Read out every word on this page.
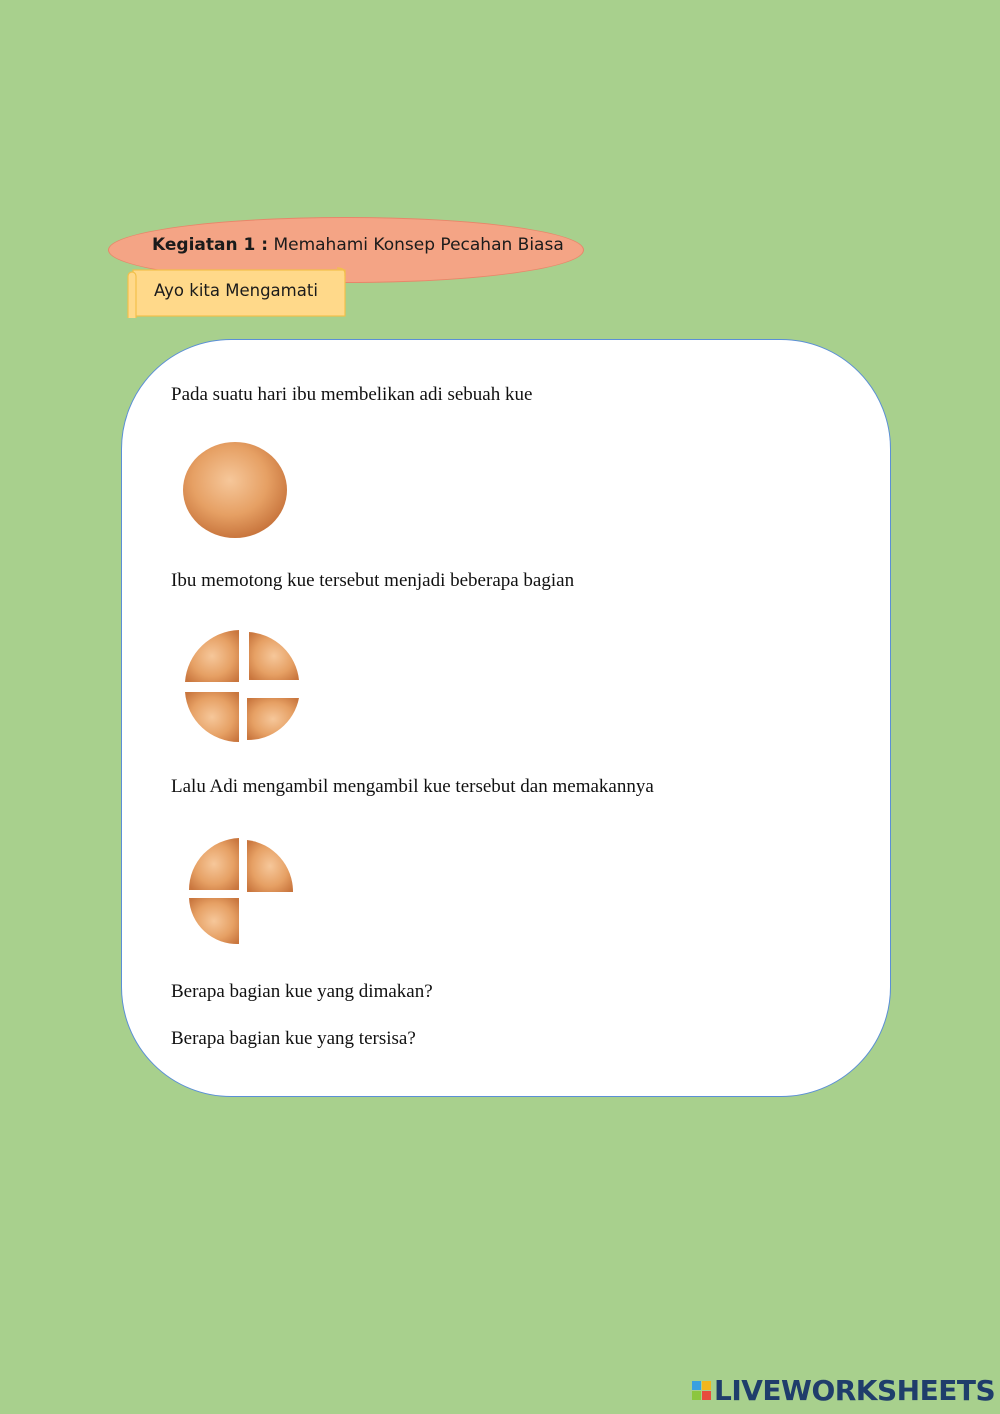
Kegiatan 1 : Memahami Konsep Pecahan Biasa
Ayo kita Mengamati
Pada suatu hari ibu membelikan adi sebuah kue
Ibu memotong kue tersebut menjadi beberapa bagian
Lalu Adi mengambil mengambil kue tersebut dan memakannya
Berapa bagian kue yang dimakan?
Berapa bagian kue yang tersisa?
LIVEWORKSHEETS
